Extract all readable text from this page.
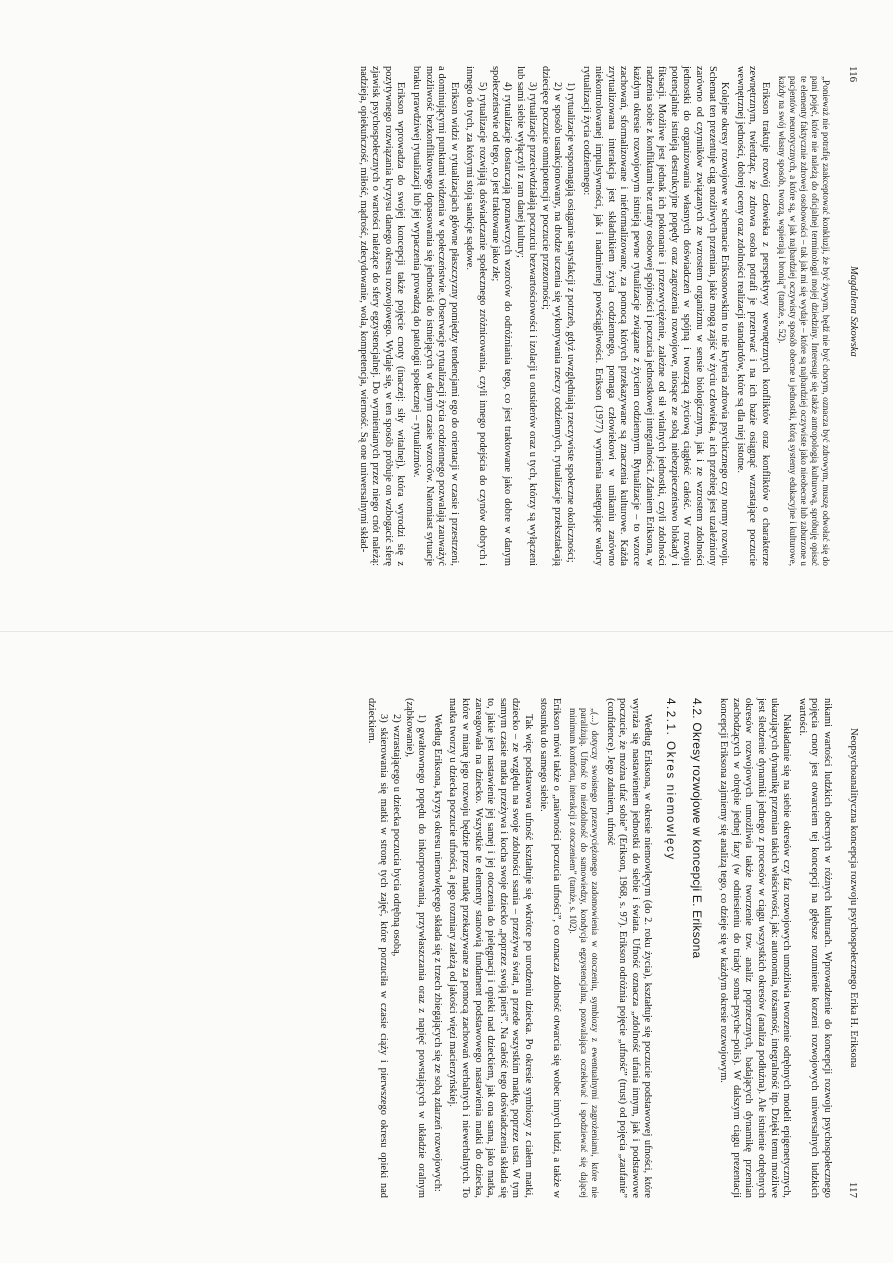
116
Magdalena Szkowska
„Ponieważ nie potrafię zaakceptować konkluzji, że być żywym, będź nie być chorym, oznacza być zdrowym, muszę odwołać się do pani pojęć, które nie należą do oficjalnej terminologii mojej dziedziny. Interesuje się także antropologią kulturową, spróbuję opisać te elementy faktycznie zdrowej osobowości – tak jak mi się wydaje – które są najbardziej oczywiste jako nieobecne lub zaburzone u pacjentów neurotycznych, a które są, w jak najbardziej oczywisty sposób obecne u jednostki, którą systemy edukacyjne i kulturowe, każdy na swój własny sposób, tworzą, wspierają i bronią” (tamże, s. 52).

Erikson traktuje rozwój człowieka z perspektywy wewnętrznych konfliktów oraz konfliktów o charakterze zewnętrznym, twierdząc, że zdrowa osoba potrafi je przetrwać i na ich bazie osiągnąć wzrastające poczucie wewnętrznej jedności, dobrej oceny oraz zdolności realizacji standardów, które są dla niej istotne.

Kolejne okresy rozwojowe w schemacie Eriksonowskim to nie kryteria zdrowia psychicznego czy normy rozwoju. Schemat ten prezentuje ciąg możliwych przemian, jakie mogą zajść w życiu człowieka, a ich przebieg jest uzależniony zarówno od czynników związanych ze wzrostem organizmu w sensie biologicznym, jak i ze wzrostem zdolności jednostki do organizowania własnych doświadczeń w spójną i tworzącą życiową ciągłość całość. W rozwoju potencjalnie istnieją destrukcyjne popędy oraz zagrożenia rozwojowe, niosące ze sobą niebezpieczeństwo blokady i fiksacji. Możliwe jest jednak ich pokonanie i przezwyciężenie, zależne od sił witalnych jednostki, czyli zdolności radzenia sobie z konfliktami bez utraty osobowej spójności i poczucia jednostkowej integralności. Zdaniem Eriksona, w każdym okresie rozwojowym istnieją pewne rytualizacje związane z życiem codziennym. Rytualizacje – to wzorce zachowań, sformalizowane i nieformalizowane, za pomocą których przekazywane są znaczenia kulturowe. Każda zrytualizowana interakcja jest składnikiem życia codziennego, pomaga człowiekowi w unikaniu zarówno niekontrolowanej impulsywności, jak i nadmiernej powściągliwości. Erikson (1977) wymienia następujące walory rytualizacji życia codziennego:

1) rytualizacje wspomagają osiąganie satysfakcji z potrzeb, gdyż uwzględniają rzeczywiste społeczne okoliczności;
2) w sposób usankcjonowany, na drodze uczenia się wykonywania rzeczy codziennych, rytualizacje przekształcają dziecięce poczucie omnipotencji w poczucie przezorności;
3) rytualizacje przeciwdziałają poczuciu bezwartościowości i izolacji u outsiderów oraz u tych, którzy są wyłączeni lub sami siebie wyłączyli z ram danej kultury;
4) rytualizacje dostarczają poznawczych wzorców do odróżniania tego, co jest traktowane jako dobre w danym społeczeństwie od tego, co jest traktowane jako złe;
5) rytualizacje rozwijają doświadczanie społecznego zróżnicowania, czyli innego podejścia do czynów dobrych i innego do tych, za którymi stoją sankcje sądowe.

Erikson widzi w rytualizacjach główne płaszczyzny pomiędzy tendencjami ego do orientacji w czasie i przestrzeni, a dominującymi punktami widzenia w społeczeństwie. Obserwacje rytualizacji życia codziennego pozwalają zauważyć możliwość bezkonfliktowego dopasowania się jednostki do istniejących w danym czasie wzorców. Natomiast sytuacje braku prawdziwej rytualizacji lub jej wypaczenia prowadzą do patologii społecznej – rytualizmów.

Erikson wprowadza do swojej koncepcji także pojęcie cnoty (inaczej: siły witalnej), która wyrodzi się z pozytywnego rozwiązania kryzysu danego okresu rozwojowego. Wydaje się, w ten sposób próbuje on wzbogacić sferę zjawisk psychospołecznych o wartości należące do sfery egzystencjalnej. Do wymienianych przez niego cnót należą: nadzieja, opiekuńczość, miłość, mądrość, zdecydowanie, wola, kompetencja, wierność. Są one uniwersalnymi skład-

Neopsychoanalityczna koncepcja rozwoju psychospołecznego Erika H. Eriksona
117

nikami wartości ludzkich obecnych w różnych kulturach. Wprowadzenie do koncepcji rozwoju psychospołecznego pojęcia cnoty jest otwarciem tej koncepcji na głębsze rozumienie korzeni rozwojowych uniwersalnych ludzkich wartości.

Nakładanie się na siebie okresów czy faz rozwojowych umożliwia tworzenie odrębnych modeli epigenetycznych, ukazujących dynamikę przemian takich właściwości, jak: autonomia, tożsamość, integralność itp. Dzięki temu możliwe jest śledzenie dynamiki jednego z procesów w ciągu wszystkich okresów (analiza podłużna). Ale istnienie odrębnych okresów rozwojowych umożliwia także tworzenie tzw. analiz poprzecznych, badających dynamikę przemian zachodzących w obrębie jednej fazy (w odniesieniu do triady soma–psyche–polis). W dalszym ciągu prezentacji koncepcji Eriksona zajmiemy się analizą tego, co dzieje się w każdym okresie rozwojowym.

4.2. Okresy rozwojowe w koncepcji E. Eriksona
4.2.1. Okres niemowlęcy

Według Eriksona, w okresie niemowlęcym (do 2. roku życia), kształtuje się poczucie podstawowej ufności, które wyraża się nastawieniem jednostki do siebie i świata. Ufność oznacza „zdolność ufania innym, jak i podstawowe poczucie, że można ufać sobie” (Erikson, 1968, s. 97). Erikson odróżnia pojęcie „ufność” (trust) od pojęcia „zaufanie” (confidence). Jego zdaniem, ufność

„(...) dotyczy swoistego przezwyciężonego zadomowienia w otoczeniu, symbiozy z ewentualnymi zagrożeniami, które nie paraliżują. Ufność to niezdolność do samowiedzy, kondycja egzystencjalna, pozwalająca oczekiwać i spodziewać się dającej minimum komfortu, interakcji z otoczeniem” (tamże, s. 102).

Erikson mówi także o „naiwności poczucia ufności”, co oznacza zdolność otwarcia się wobec innych ludzi, a także w stosunku do samego siebie.

Tak więc podstawowa ufność kształtuje się wkrótce po urodzeniu dziecka. Po okresie symbiozy z ciałem matki, dziecko – ze względu na swoje zdolności ssania – przeżywa świat, a przede wszystkim matkę, poprzez usta. W tym samym czasie matka przeżywa i kocha swoje dziecko „poprzez swoją pierś”. Na całość tego doświadczenia składa się to, jakie jest nastawienie jej samej i jej otoczenia do pielęgnacji i opieki nad dzieckiem, jak ona sama, jako matka, zareagowała na dziecko. Wszystkie te elementy stanowią fundament podstawowego nastawienia matki do dziecka, które w miarę jego rozwoju będzie przez matkę przekazywane za pomocą zachowań werbalnych i niewerbalnych. To matka tworzy u dziecka poczucie ufności, a jego rozmiary zależą od jakości więzi macierzyńskiej.

Według Eriksona, kryzys okresu niemowlęcego składa się z trzech zbiegających się ze sobą zdarzeń rozwojowych:

1) gwałtownego popędu do inkorporowania, przywłaszczania oraz z napięć powstających w układzie oralnym (ząbkowanie),
2) wzrastającego u dziecka poczucia bycia odrębną osobą,
3) skierowania się matki w stronę tych zajęć, które porzuciła w czasie ciąży i pierwszego okresu opieki nad dzieckiem.
